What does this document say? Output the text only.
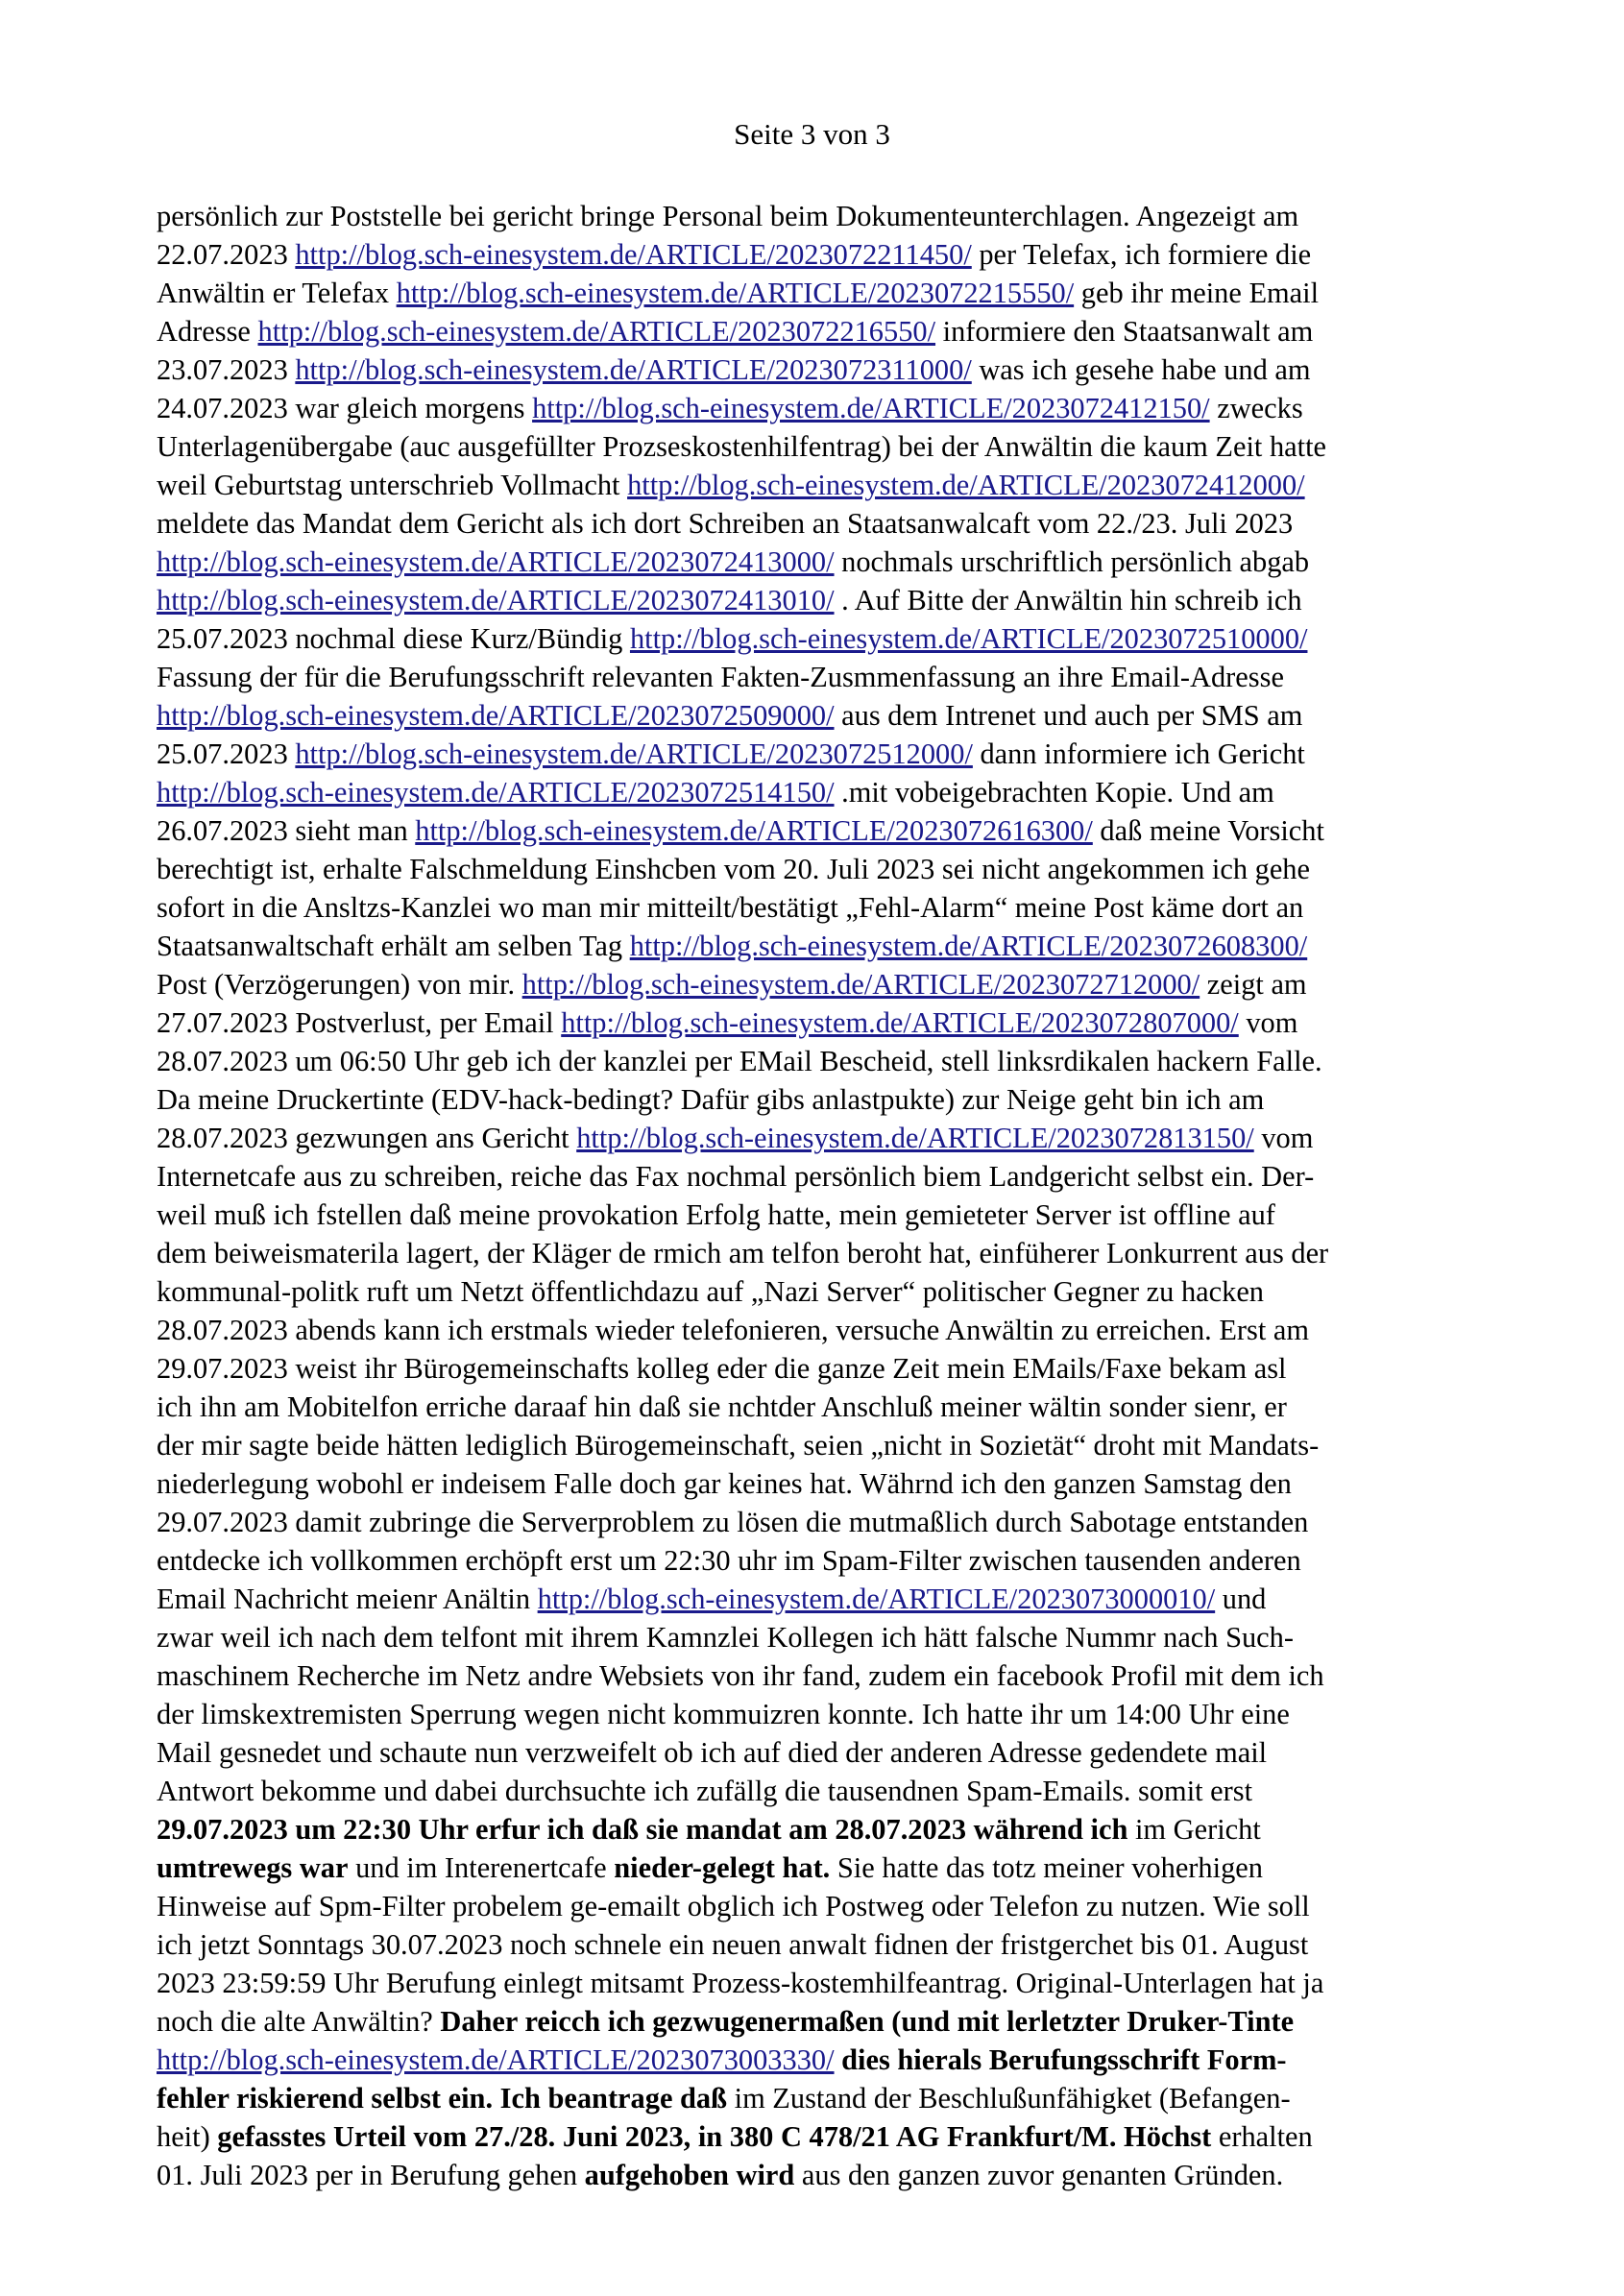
Seite 3 von 3
persönlich zur Poststelle bei gericht bringe Personal beim Dokumenteunterchlagen. Angezeigt am
22.07.2023 http://blog.sch-einesystem.de/ARTICLE/2023072211450/ per Telefax, ich formiere die
Anwältin er Telefax http://blog.sch-einesystem.de/ARTICLE/2023072215550/ geb ihr meine Email
Adresse http://blog.sch-einesystem.de/ARTICLE/2023072216550/ informiere den Staatsanwalt am
23.07.2023 http://blog.sch-einesystem.de/ARTICLE/2023072311000/ was ich gesehe habe und am
24.07.2023 war gleich morgens http://blog.sch-einesystem.de/ARTICLE/2023072412150/ zwecks
Unterlagenübergabe (auc ausgefüllter Prozseskostenhilfentrag) bei der Anwältin die kaum Zeit hatte
weil Geburtstag unterschrieb Vollmacht http://blog.sch-einesystem.de/ARTICLE/2023072412000/
meldete das Mandat dem Gericht als ich dort Schreiben an Staatsanwalcaft vom 22./23. Juli 2023
http://blog.sch-einesystem.de/ARTICLE/2023072413000/ nochmals urschriftlich persönlich abgab
http://blog.sch-einesystem.de/ARTICLE/2023072413010/ . Auf Bitte der Anwältin hin schreib ich
25.07.2023 nochmal diese Kurz/Bündig http://blog.sch-einesystem.de/ARTICLE/2023072510000/
Fassung der für die Berufungsschrift relevanten Fakten-Zusmmenfassung an ihre Email-Adresse
http://blog.sch-einesystem.de/ARTICLE/2023072509000/ aus dem Intrenet und auch per SMS am
25.07.2023 http://blog.sch-einesystem.de/ARTICLE/2023072512000/ dann informiere ich Gericht
http://blog.sch-einesystem.de/ARTICLE/2023072514150/ .mit vobeigebrachten Kopie. Und am
26.07.2023 sieht man http://blog.sch-einesystem.de/ARTICLE/2023072616300/ daß meine Vorsicht
berechtigt ist, erhalte Falschmeldung Einshcben vom 20. Juli 2023 sei nicht angekommen ich gehe
sofort in die Ansltzs-Kanzlei wo man mir mitteilt/bestätigt „Fehl-Alarm“ meine Post käme dort an
Staatsanwaltschaft erhält am selben Tag http://blog.sch-einesystem.de/ARTICLE/2023072608300/
Post (Verzögerungen) von mir. http://blog.sch-einesystem.de/ARTICLE/2023072712000/ zeigt am
27.07.2023 Postverlust, per Email http://blog.sch-einesystem.de/ARTICLE/2023072807000/ vom
28.07.2023 um 06:50 Uhr geb ich der kanzlei per EMail Bescheid, stell linksrdikalen hackern Falle.
Da meine Druckertinte (EDV-hack-bedingt? Dafür gibs anlastpukte) zur Neige geht bin ich am
28.07.2023 gezwungen ans Gericht http://blog.sch-einesystem.de/ARTICLE/2023072813150/ vom
Internetcafe aus zu schreiben, reiche das Fax nochmal persönlich biem Landgericht selbst ein. Der-
weil muß ich fstellen daß meine provokation Erfolg hatte, mein gemieteter Server ist offline auf
dem beiweismaterila lagert, der Kläger de rmich am telfon beroht hat, einfüherer Lonkurrent aus der
kommunal-politk ruft um Netzt öffentlichdazu auf „Nazi Server“ politischer Gegner zu hacken
28.07.2023 abends kann ich erstmals wieder telefonieren, versuche Anwältin zu erreichen. Erst am
29.07.2023 weist ihr Bürogemeinschafts kolleg eder die ganze Zeit mein EMails/Faxe bekam asl
ich ihn am Mobitelfon erriche daraaf hin daß sie nchtder Anschluß meiner wältin sonder sienr, er
der mir sagte beide hätten lediglich Bürogemeinschaft, seien „nicht in Sozietät“ droht mit Mandats-
niederlegung wobohl er indeisem Falle doch gar keines hat. Währnd ich den ganzen Samstag den
29.07.2023 damit zubringe die Serverproblem zu lösen die mutmaßlich durch Sabotage entstanden
entdecke ich vollkommen erchöpft erst um 22:30 uhr im Spam-Filter zwischen tausenden anderen
Email Nachricht meienr Anältin http://blog.sch-einesystem.de/ARTICLE/2023073000010/ und
zwar weil ich nach dem telfont mit ihrem Kamnzlei Kollegen ich hätt falsche Nummr nach Such-
maschinem Recherche im Netz andre Websiets von ihr fand, zudem ein facebook Profil mit dem ich
der limskextremisten Sperrung wegen nicht kommuizren konnte. Ich hatte ihr um 14:00 Uhr eine
Mail gesnedet und schaute nun verzweifelt ob ich auf died der anderen Adresse gedendete mail
Antwort bekomme und dabei durchsuchte ich zufällg die tausendnen Spam-Emails. somit erst
29.07.2023 um 22:30 Uhr erfur ich daß sie mandat am 28.07.2023 während ich im Gericht
umtrewegs war und im Interenertcafe nieder-gelegt hat. Sie hatte das totz meiner voherhigen
Hinweise auf Spm-Filter probelem ge-emailt obglich ich Postweg oder Telefon zu nutzen. Wie soll
ich jetzt Sonntags 30.07.2023 noch schnele ein neuen anwalt fidnen der fristgerchet bis 01. August
2023 23:59:59 Uhr Berufung einlegt mitsamt Prozess-kostemhilfeantrag. Original-Unterlagen hat ja
noch die alte Anwältin? Daher reicch ich gezwugenermaßen (und mit lerletzter Druker-Tinte
http://blog.sch-einesystem.de/ARTICLE/2023073003330/ dies hierals Berufungsschrift Form-
fehler riskierend selbst ein. Ich beantrage daß im Zustand der Beschlußunfähigket (Befangen-
heit) gefasstes Urteil vom 27./28. Juni 2023, in 380 C 478/21 AG Frankfurt/M. Höchst erhalten
01. Juli 2023 per in Berufung gehen aufgehoben wird aus den ganzen zuvor genanten Gründen.
